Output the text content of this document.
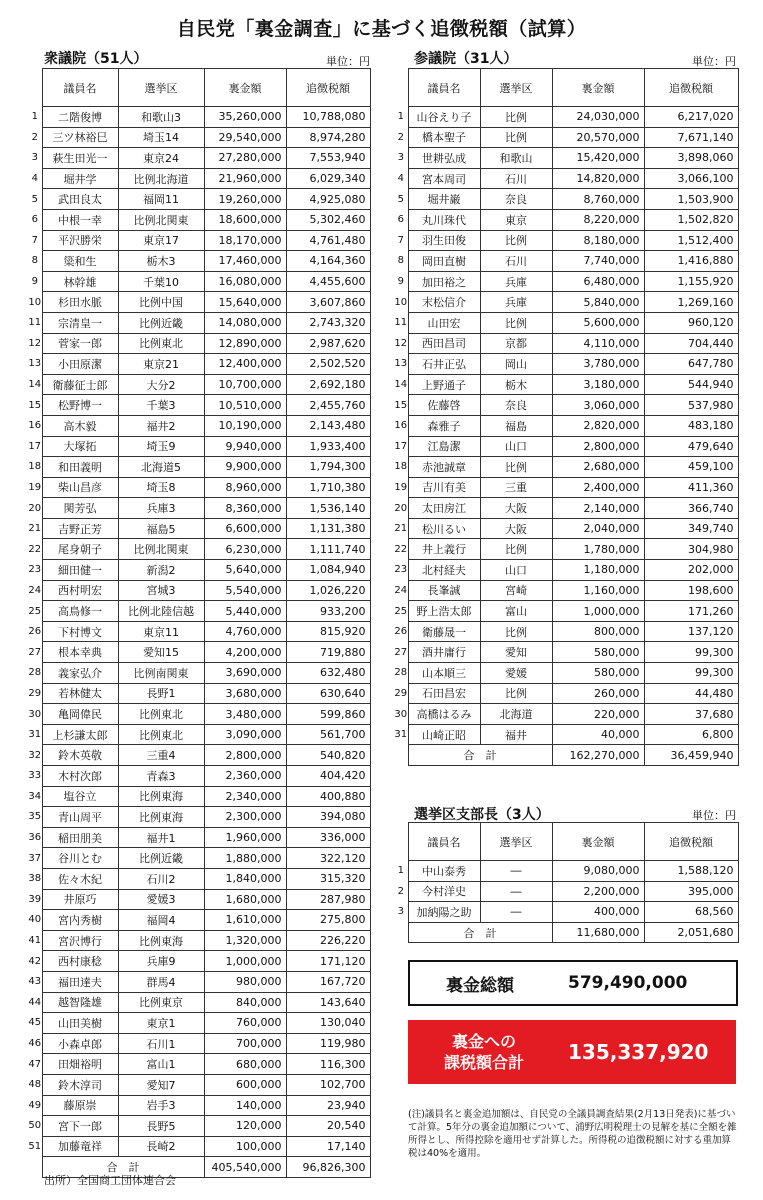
自民党「裏金調査」に基づく追徴税額（試算）
衆議院（51人）	単位：円
	議員名	選挙区	裏金額	追徴税額
1	二階俊博	和歌山3	35,260,000	10,788,080
2	三ツ林裕巳	埼玉14	29,540,000	8,974,280
3	萩生田光一	東京24	27,280,000	7,553,940
4	堀井学	比例北海道	21,960,000	6,029,340
5	武田良太	福岡11	19,260,000	4,925,080
6	中根一幸	比例北関東	18,600,000	5,302,460
7	平沢勝栄	東京17	18,170,000	4,761,480
8	簗和生	栃木3	17,460,000	4,164,360
9	林幹雄	千葉10	16,080,000	4,455,600
10	杉田水脈	比例中国	15,640,000	3,607,860
11	宗清皇一	比例近畿	14,080,000	2,743,320
12	菅家一郎	比例東北	12,890,000	2,987,620
13	小田原潔	東京21	12,400,000	2,502,520
14	衛藤征士郎	大分2	10,700,000	2,692,180
15	松野博一	千葉3	10,510,000	2,455,760
16	高木毅	福井2	10,190,000	2,143,480
17	大塚拓	埼玉9	9,940,000	1,933,400
18	和田義明	北海道5	9,900,000	1,794,300
19	柴山昌彦	埼玉8	8,960,000	1,710,380
20	関芳弘	兵庫3	8,360,000	1,536,140
21	吉野正芳	福島5	6,600,000	1,131,380
22	尾身朝子	比例北関東	6,230,000	1,111,740
23	細田健一	新潟2	5,640,000	1,084,940
24	西村明宏	宮城3	5,540,000	1,026,220
25	高鳥修一	比例北陸信越	5,440,000	933,200
26	下村博文	東京11	4,760,000	815,920
27	根本幸典	愛知15	4,200,000	719,880
28	義家弘介	比例南関東	3,690,000	632,480
29	若林健太	長野1	3,680,000	630,640
30	亀岡偉民	比例東北	3,480,000	599,860
31	上杉謙太郎	比例東北	3,090,000	561,700
32	鈴木英敬	三重4	2,800,000	540,820
33	木村次郎	青森3	2,360,000	404,420
34	塩谷立	比例東海	2,340,000	400,880
35	青山周平	比例東海	2,300,000	394,080
36	稲田朋美	福井1	1,960,000	336,000
37	谷川とむ	比例近畿	1,880,000	322,120
38	佐々木紀	石川2	1,840,000	315,320
39	井原巧	愛媛3	1,680,000	287,980
40	宮内秀樹	福岡4	1,610,000	275,800
41	宮沢博行	比例東海	1,320,000	226,220
42	西村康稔	兵庫9	1,000,000	171,120
43	福田達夫	群馬4	980,000	167,720
44	越智隆雄	比例東京	840,000	143,640
45	山田美樹	東京1	760,000	130,040
46	小森卓郎	石川1	700,000	119,980
47	田畑裕明	富山1	680,000	116,300
48	鈴木淳司	愛知7	600,000	102,700
49	藤原崇	岩手3	140,000	23,940
50	宮下一郎	長野5	120,000	20,540
51	加藤竜祥	長崎2	100,000	17,140
	合　計		405,540,000	96,826,300
参議院（31人）	単位：円
	議員名	選挙区	裏金額	追徴税額
1	山谷えり子	比例	24,030,000	6,217,020
2	橋本聖子	比例	20,570,000	7,671,140
3	世耕弘成	和歌山	15,420,000	3,898,060
4	宮本周司	石川	14,820,000	3,066,100
5	堀井巌	奈良	8,760,000	1,503,900
6	丸川珠代	東京	8,220,000	1,502,820
7	羽生田俊	比例	8,180,000	1,512,400
8	岡田直樹	石川	7,740,000	1,416,880
9	加田裕之	兵庫	6,480,000	1,155,920
10	末松信介	兵庫	5,840,000	1,269,160
11	山田宏	比例	5,600,000	960,120
12	西田昌司	京都	4,110,000	704,440
13	石井正弘	岡山	3,780,000	647,780
14	上野通子	栃木	3,180,000	544,940
15	佐藤啓	奈良	3,060,000	537,980
16	森雅子	福島	2,820,000	483,180
17	江島潔	山口	2,800,000	479,640
18	赤池誠章	比例	2,680,000	459,100
19	吉川有美	三重	2,400,000	411,360
20	太田房江	大阪	2,140,000	366,740
21	松川るい	大阪	2,040,000	349,740
22	井上義行	比例	1,780,000	304,980
23	北村経夫	山口	1,180,000	202,000
24	長峯誠	宮崎	1,160,000	198,600
25	野上浩太郎	富山	1,000,000	171,260
26	衛藤晟一	比例	800,000	137,120
27	酒井庸行	愛知	580,000	99,300
28	山本順三	愛媛	580,000	99,300
29	石田昌宏	比例	260,000	44,480
30	高橋はるみ	北海道	220,000	37,680
31	山崎正昭	福井	40,000	6,800
	合　計		162,270,000	36,459,940
選挙区支部長（3人）	単位：円
	議員名	選挙区	裏金額	追徴税額
1	中山泰秀	―	9,080,000	1,588,120
2	今村洋史	―	2,200,000	395,000
3	加納陽之助	―	400,000	68,560
	合　計		11,680,000	2,051,680
裏金総額	579,490,000
裏金への
課税額合計 135,337,920
(注)議員名と裏金追加額は、自民党の全議員調査結果(2月13日発表)に基づいて計算。5年分の裏金追加額について、浦野広明税理士の見解を基に全額を雑所得とし、所得控除を適用せず計算した。所得税の追徴税額に対する重加算税は40%を適用。
出所）全国商工団体連合会
